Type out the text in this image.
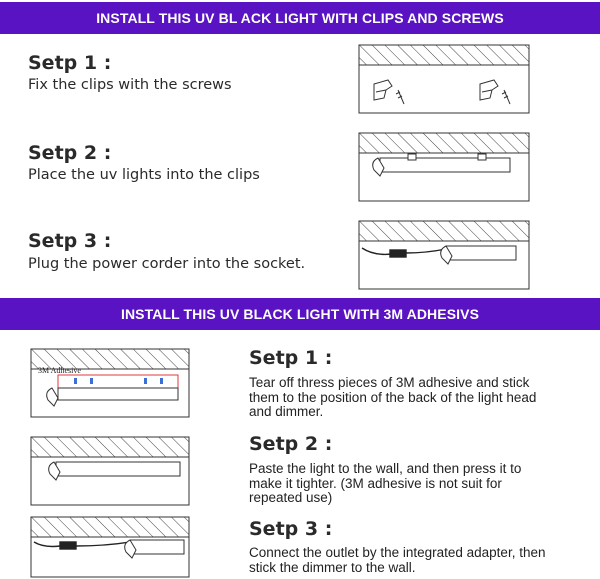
INSTALL THIS UV BL ACK LIGHT WITH CLIPS AND SCREWS
Setp 1 :
Fix the clips with the screws
Setp 2 :
Place the uv lights into the clips
Setp 3 :
Plug the power corder into the socket.
INSTALL THIS UV BLACK LIGHT WITH 3M ADHESIVS
3M Adhesive
Setp 1 :
Tear off thress pieces of 3M adhesive and stick them to the position of the back of the light head and dimmer.
Setp 2 :
Paste the light to the wall, and then press it to make it tighter. (3M adhesive is not suit for repeated use)
Setp 3 :
Connect the outlet by the integrated adapter, then stick the dimmer to the wall.
